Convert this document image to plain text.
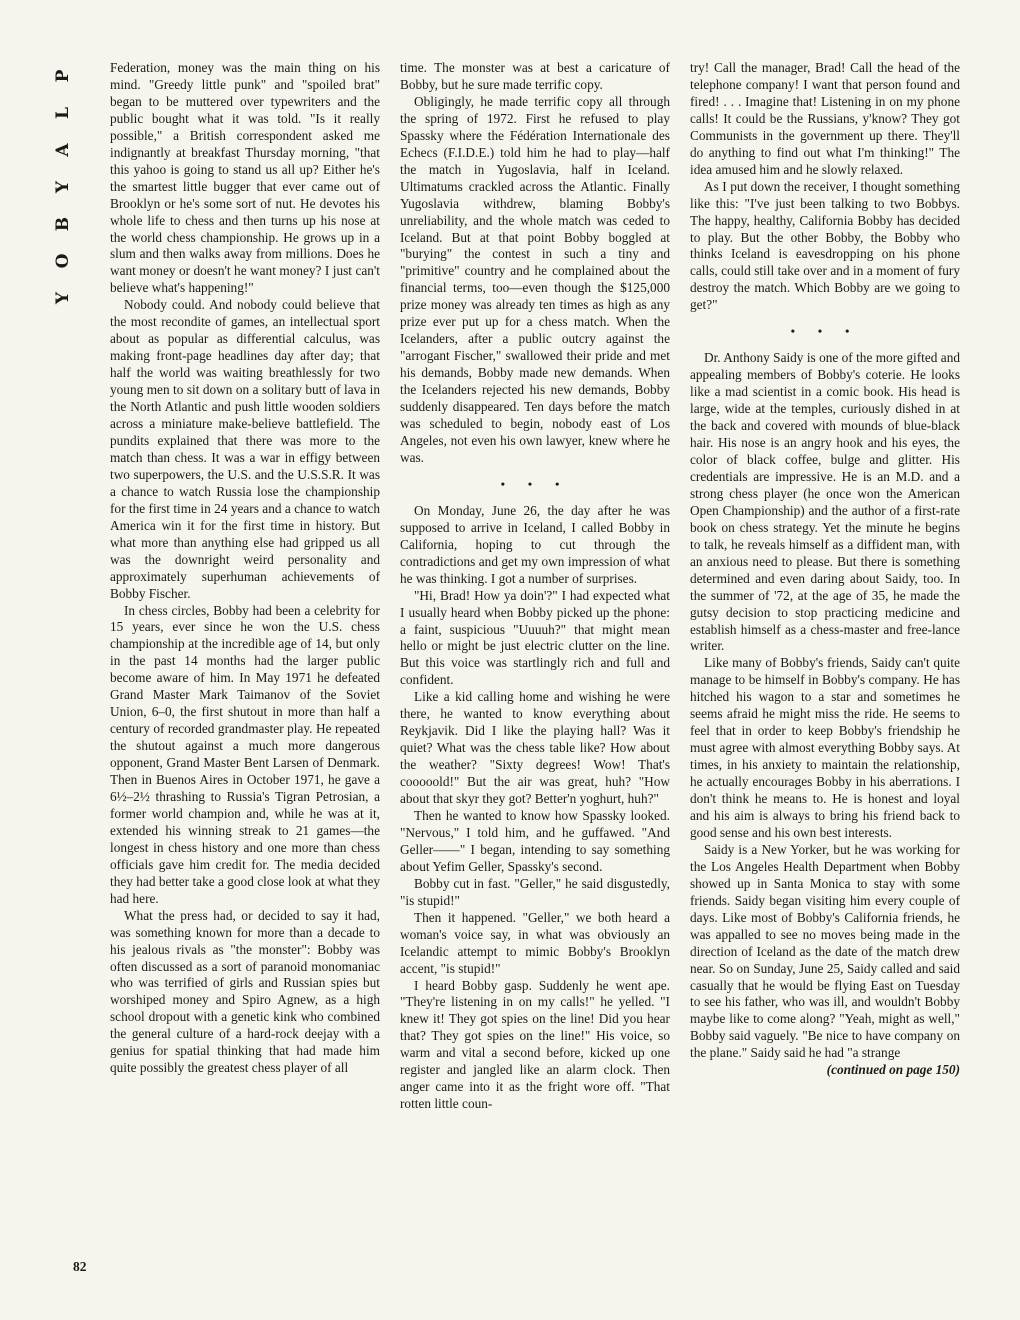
P
L
A
Y
B
O
Y
82

Federation, money was the main thing on his mind. "Greedy little punk" and "spoiled brat" began to be muttered over typewriters and the public bought what it was told. "Is it really possible," a British correspondent asked me indignantly at breakfast Thursday morning, "that this yahoo is going to stand us all up? Either he's the smartest little bugger that ever came out of Brooklyn or he's some sort of nut. He devotes his whole life to chess and then turns up his nose at the world chess championship. He grows up in a slum and then walks away from millions. Does he want money or doesn't he want money? I just can't believe what's happening!"

Nobody could. And nobody could believe that the most recondite of games, an intellectual sport about as popular as differential calculus, was making front-page headlines day after day; that half the world was waiting breathlessly for two young men to sit down on a solitary butt of lava in the North Atlantic and push little wooden soldiers across a miniature make-believe battlefield. The pundits explained that there was more to the match than chess. It was a war in effigy between two superpowers, the U.S. and the U.S.S.R. It was a chance to watch Russia lose the championship for the first time in 24 years and a chance to watch America win it for the first time in history. But what more than anything else had gripped us all was the downright weird personality and approximately superhuman achievements of Bobby Fischer.

In chess circles, Bobby had been a celebrity for 15 years, ever since he won the U.S. chess championship at the incredible age of 14, but only in the past 14 months had the larger public become aware of him. In May 1971 he defeated Grand Master Mark Taimanov of the Soviet Union, 6–0, the first shutout in more than half a century of recorded grandmaster play. He repeated the shutout against a much more dangerous opponent, Grand Master Bent Larsen of Denmark. Then in Buenos Aires in October 1971, he gave a 6½–2½ thrashing to Russia's Tigran Petrosian, a former world champion and, while he was at it, extended his winning streak to 21 games—the longest in chess history and one more than chess officials gave him credit for. The media decided they had better take a good close look at what they had here.

What the press had, or decided to say it had, was something known for more than a decade to his jealous rivals as "the monster": Bobby was often discussed as a sort of paranoid monomaniac who was terrified of girls and Russian spies but worshiped money and Spiro Agnew, as a high school dropout with a genetic kink who combined the general culture of a hard-rock deejay with a genius for spatial thinking that had made him quite possibly the greatest chess player of all

time. The monster was at best a caricature of Bobby, but he sure made terrific copy.

Obligingly, he made terrific copy all through the spring of 1972. First he refused to play Spassky where the Fédération Internationale des Echecs (F.I.D.E.) told him he had to play—half the match in Yugoslavia, half in Iceland. Ultimatums crackled across the Atlantic. Finally Yugoslavia withdrew, blaming Bobby's unreliability, and the whole match was ceded to Iceland. But at that point Bobby boggled at "burying" the contest in such a tiny and "primitive" country and he complained about the financial terms, too—even though the $125,000 prize money was already ten times as high as any prize ever put up for a chess match. When the Icelanders, after a public outcry against the "arrogant Fischer," swallowed their pride and met his demands, Bobby made new demands. When the Icelanders rejected his new demands, Bobby suddenly disappeared. Ten days before the match was scheduled to begin, nobody east of Los Angeles, not even his own lawyer, knew where he was.

• • •

On Monday, June 26, the day after he was supposed to arrive in Iceland, I called Bobby in California, hoping to cut through the contradictions and get my own impression of what he was thinking. I got a number of surprises.

"Hi, Brad! How ya doin'?" I had expected what I usually heard when Bobby picked up the phone: a faint, suspicious "Uuuuh?" that might mean hello or might be just electric clutter on the line. But this voice was startlingly rich and full and confident.

Like a kid calling home and wishing he were there, he wanted to know everything about Reykjavik. Did I like the playing hall? Was it quiet? What was the chess table like? How about the weather? "Sixty degrees! Wow! That's cooooold!" But the air was great, huh? "How about that skyr they got? Better'n yoghurt, huh?"

Then he wanted to know how Spassky looked. "Nervous," I told him, and he guffawed. "And Geller——" I began, intending to say something about Yefim Geller, Spassky's second.

Bobby cut in fast. "Geller," he said disgustedly, "is stupid!"

Then it happened. "Geller," we both heard a woman's voice say, in what was obviously an Icelandic attempt to mimic Bobby's Brooklyn accent, "is stupid!"

I heard Bobby gasp. Suddenly he went ape. "They're listening in on my calls!" he yelled. "I knew it! They got spies on the line! Did you hear that? They got spies on the line!" His voice, so warm and vital a second before, kicked up one register and jangled like an alarm clock. Then anger came into it as the fright wore off. "That rotten little coun-

try! Call the manager, Brad! Call the head of the telephone company! I want that person found and fired! . . . Imagine that! Listening in on my phone calls! It could be the Russians, y'know? They got Communists in the government up there. They'll do anything to find out what I'm thinking!" The idea amused him and he slowly relaxed.

As I put down the receiver, I thought something like this: "I've just been talking to two Bobbys. The happy, healthy, California Bobby has decided to play. But the other Bobby, the Bobby who thinks Iceland is eavesdropping on his phone calls, could still take over and in a moment of fury destroy the match. Which Bobby are we going to get?"

• • •

Dr. Anthony Saidy is one of the more gifted and appealing members of Bobby's coterie. He looks like a mad scientist in a comic book. His head is large, wide at the temples, curiously dished in at the back and covered with mounds of blue-black hair. His nose is an angry hook and his eyes, the color of black coffee, bulge and glitter. His credentials are impressive. He is an M.D. and a strong chess player (he once won the American Open Championship) and the author of a first-rate book on chess strategy. Yet the minute he begins to talk, he reveals himself as a diffident man, with an anxious need to please. But there is something determined and even daring about Saidy, too. In the summer of '72, at the age of 35, he made the gutsy decision to stop practicing medicine and establish himself as a chess-master and free-lance writer.

Like many of Bobby's friends, Saidy can't quite manage to be himself in Bobby's company. He has hitched his wagon to a star and sometimes he seems afraid he might miss the ride. He seems to feel that in order to keep Bobby's friendship he must agree with almost everything Bobby says. At times, in his anxiety to maintain the relationship, he actually encourages Bobby in his aberrations. I don't think he means to. He is honest and loyal and his aim is always to bring his friend back to good sense and his own best interests.

Saidy is a New Yorker, but he was working for the Los Angeles Health Department when Bobby showed up in Santa Monica to stay with some friends. Saidy began visiting him every couple of days. Like most of Bobby's California friends, he was appalled to see no moves being made in the direction of Iceland as the date of the match drew near. So on Sunday, June 25, Saidy called and said casually that he would be flying East on Tuesday to see his father, who was ill, and wouldn't Bobby maybe like to come along? "Yeah, might as well," Bobby said vaguely. "Be nice to have company on the plane." Saidy said he had "a strange

(continued on page 150)
